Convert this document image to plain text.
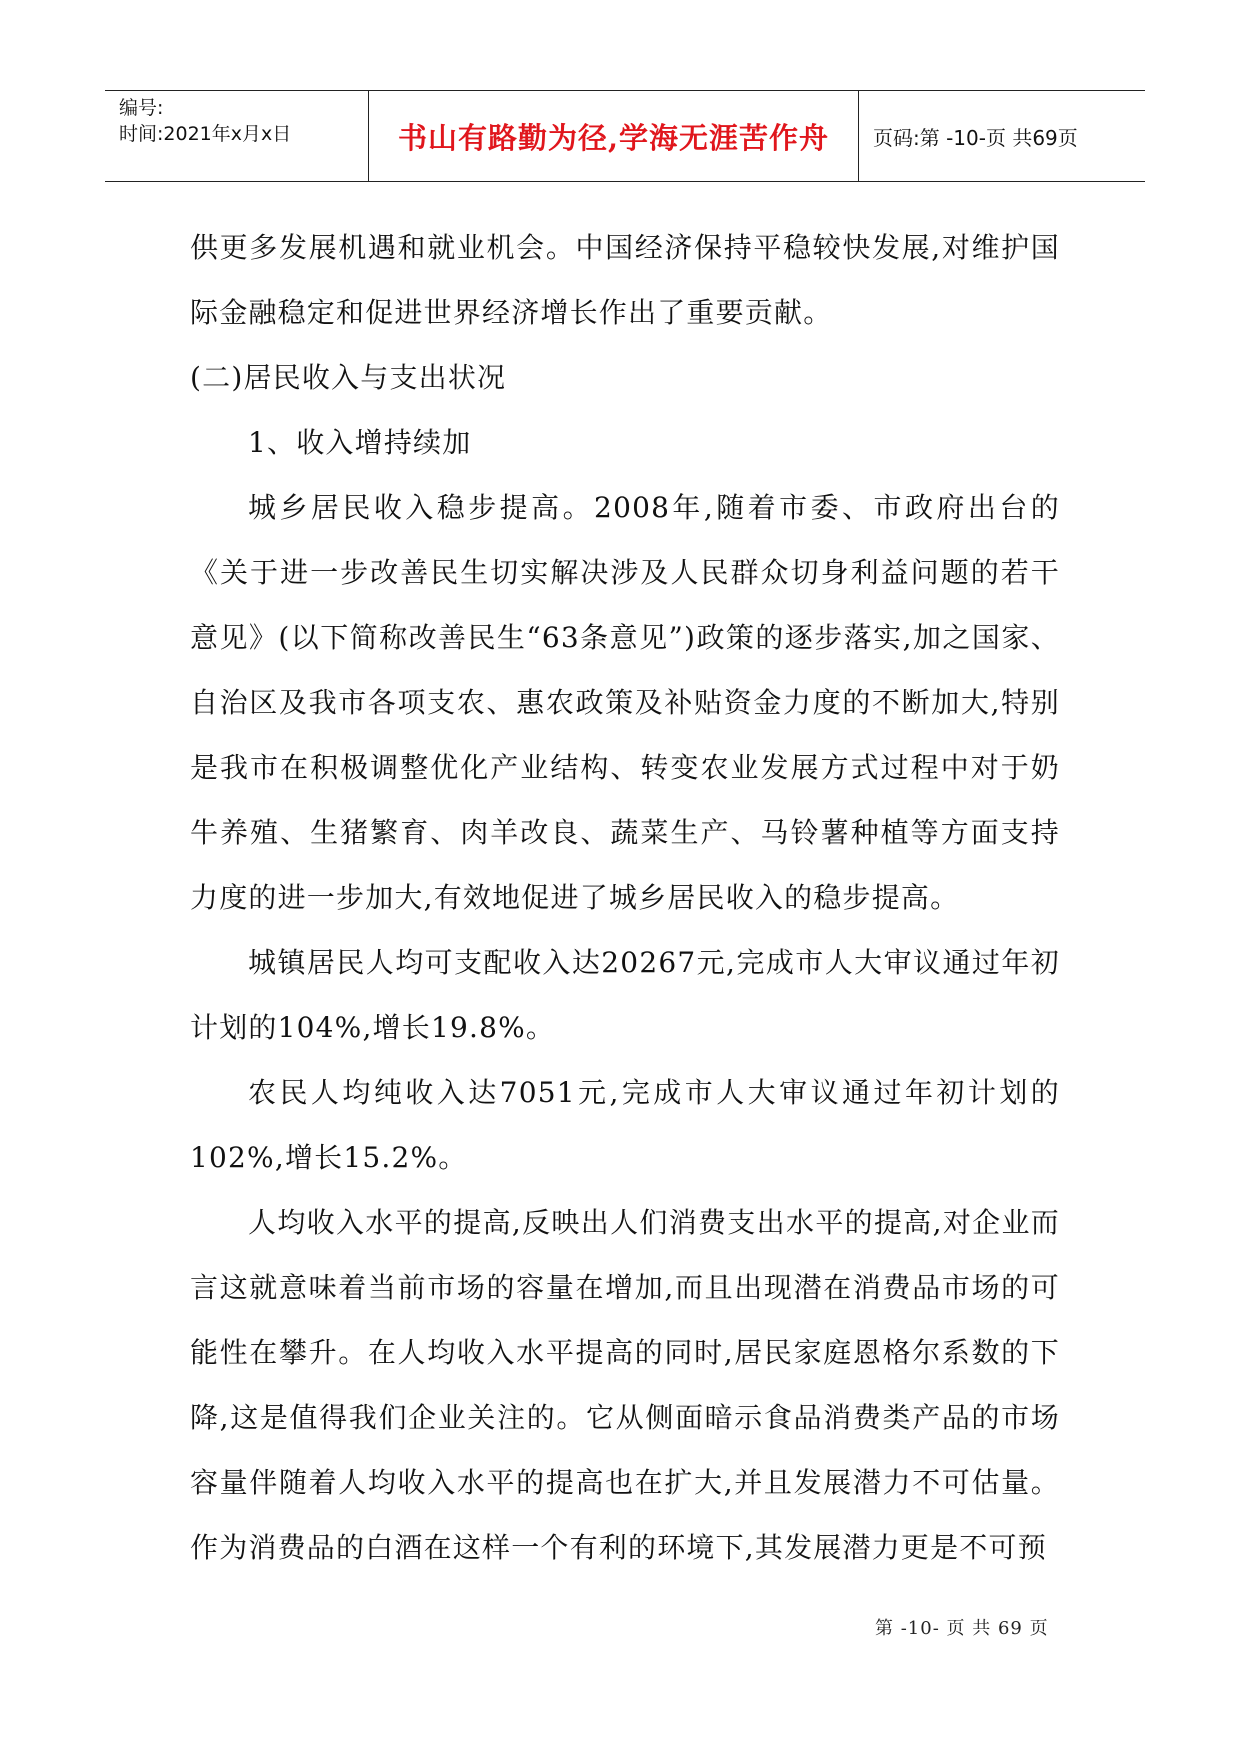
编号:
时间:2021年x月x日	书山有路勤为径,学海无涯苦作舟	页码:第 -10-页 共69页

供更多发展机遇和就业机会。中国经济保持平稳较快发展,对维护国际金融稳定和促进世界经济增长作出了重要贡献。

(二)居民收入与支出状况

1、收入增持续加

城乡居民收入稳步提高。2008年,随着市委、市政府出台的《关于进一步改善民生切实解决涉及人民群众切身利益问题的若干意见》(以下简称改善民生“63条意见”)政策的逐步落实,加之国家、自治区及我市各项支农、惠农政策及补贴资金力度的不断加大,特别是我市在积极调整优化产业结构、转变农业发展方式过程中对于奶牛养殖、生猪繁育、肉羊改良、蔬菜生产、马铃薯种植等方面支持力度的进一步加大,有效地促进了城乡居民收入的稳步提高。

城镇居民人均可支配收入达20267元,完成市人大审议通过年初计划的104%,增长19.8%。

农民人均纯收入达7051元,完成市人大审议通过年初计划的102%,增长15.2%。

人均收入水平的提高,反映出人们消费支出水平的提高,对企业而言这就意味着当前市场的容量在增加,而且出现潜在消费品市场的可能性在攀升。在人均收入水平提高的同时,居民家庭恩格尔系数的下降,这是值得我们企业关注的。它从侧面暗示食品消费类产品的市场容量伴随着人均收入水平的提高也在扩大,并且发展潜力不可估量。作为消费品的白酒在这样一个有利的环境下,其发展潜力更是不可预

第 -10- 页 共 69 页
